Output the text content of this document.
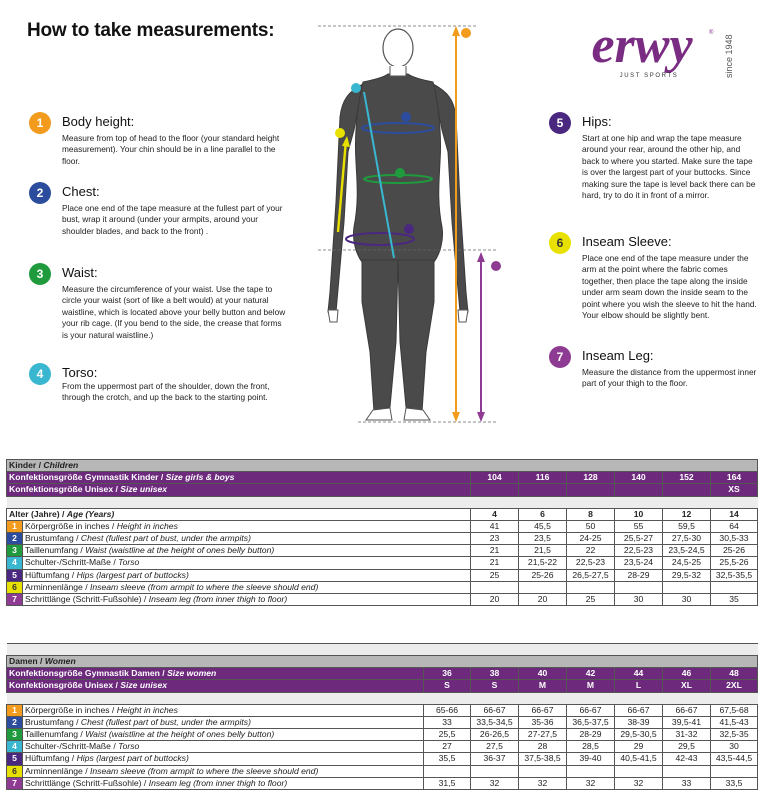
How to take measurements:	erwy	®
JUST SPORTS	since 1948
1	Body height:
Measure from top of head to the floor (your standard height measurement). Your chin should be in a line parallel to the floor.
2	Chest:
Place one end of the tape measure at the fullest part of your bust, wrap it around (under your armpits, around your shoulder blades, and back to the front) .
3	Waist:
Measure the circumference of your waist. Use the tape to circle your waist (sort of like a belt would) at your natural waistline, which is located above your belly button and below your rib cage. (If you bend to the side, the crease that forms is your natural waistline.)
4	Torso:
From the uppermost part of the shoulder, down the front, through the crotch, and up the back to the starting point.
5	Hips:
Start at one hip and wrap the tape measure around your rear, around the other hip, and back to where you started. Make sure the tape is over the largest part of your buttocks. Since making sure the tape is level back there can be hard, try to do it in front of a mirror.
6	Inseam Sleeve:
Place one end of the tape measure under the arm at the point where the fabric comes together, then place the tape along the inside under arm seam down the inside seam to the point where you wish the sleeve to hit the hand. Your elbow should be slightly bent.
7	Inseam Leg:
Measure the distance from the uppermost inner part of your thigh to the floor.
Kinder / Children							
Konfektionsgröße Gymnastik Kinder / Size girls & boys		104	116	128	140	152	164
Konfektionsgröße Unisex / Size unisex							XS

Alter (Jahre) / Age (Years)		4	6	8	10	12	14
1	Körpergröße in inches / Height in inches	41	45,5	50	55	59,5	64
2	Brustumfang / Chest (fullest part of bust, under the armpits)	23	23,5	24-25	25,5-27	27,5-30	30,5-33
3	Taillenumfang / Waist (waistline at the height of ones belly button)	21	21,5	22	22,5-23	23,5-24,5	25-26
4	Schulter-/Schritt-Maße / Torso	21	21,5-22	22,5-23	23,5-24	24,5-25	25,5-26
5	Hüftumfang / Hips (largest part of buttocks)	25	25-26	26,5-27,5	28-29	29,5-32	32,5-35,5
6	Arminnenlänge / Inseam sleeve (from armpit to where the sleeve should end)						
7	Schrittlänge (Schritt-Fußsohle) / Inseam leg (from inner thigh to floor)	20	20	25	30	30	35

Damen / Women								
Konfektionsgröße Gymnastik Damen / Size women		36	38	40	42	44	46	48
Konfektionsgröße Unisex / Size unisex		S	S	M	M	L	XL	2XL

1	Körpergröße in inches / Height in inches	65-66	66-67	66-67	66-67	66-67	66-67	67,5-68
2	Brustumfang / Chest (fullest part of bust, under the armpits)	33	33,5-34,5	35-36	36,5-37,5	38-39	39,5-41	41,5-43
3	Taillenumfang / Waist (waistline at the height of ones belly button)	25,5	26-26,5	27-27,5	28-29	29,5-30,5	31-32	32,5-35
4	Schulter-/Schritt-Maße / Torso	27	27,5	28	28,5	29	29,5	30
5	Hüftumfang / Hips (largest part of buttocks)	35,5	36-37	37,5-38,5	39-40	40,5-41,5	42-43	43,5-44,5
6	Arminnenlänge / Inseam sleeve (from armpit to where the sleeve should end)							
7	Schrittlänge (Schritt-Fußsohle) / Inseam leg (from inner thigh to floor)	31,5	32	32	32	32	33	33,5
